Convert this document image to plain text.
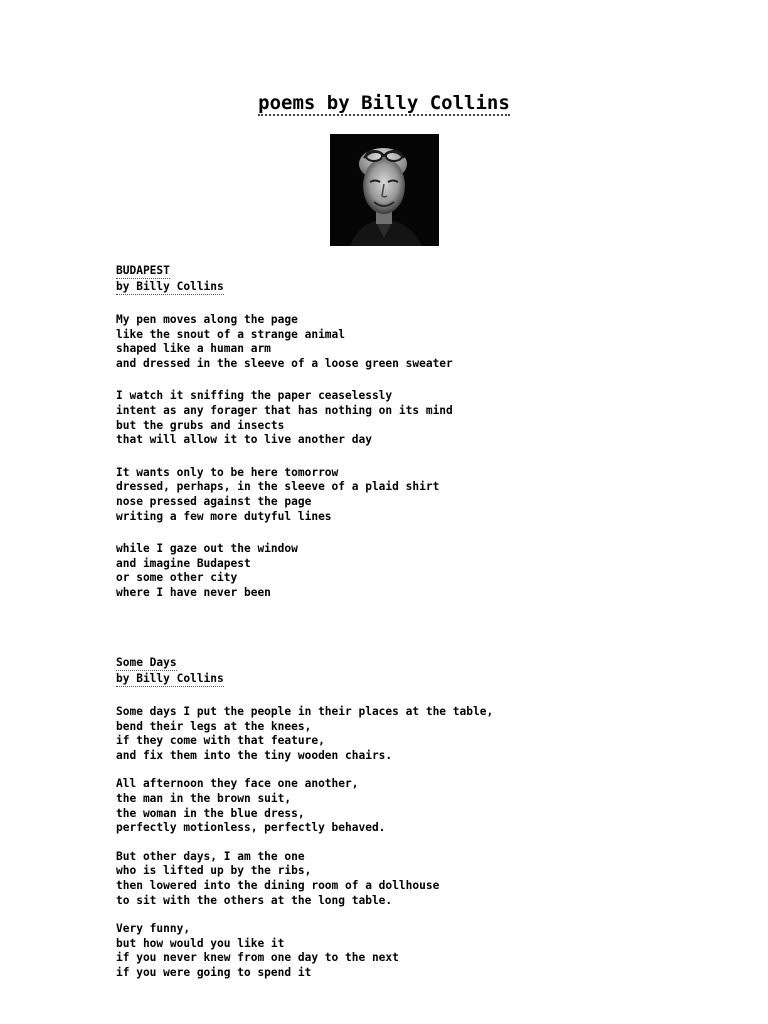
poems by Billy Collins
BUDAPEST
by Billy Collins
My pen moves along the page
like the snout of a strange animal
shaped like a human arm
and dressed in the sleeve of a loose green sweater
I watch it sniffing the paper ceaselessly
intent as any forager that has nothing on its mind
but the grubs and insects
that will allow it to live another day
It wants only to be here tomorrow
dressed, perhaps, in the sleeve of a plaid shirt
nose pressed against the page
writing a few more dutyful lines
while I gaze out the window
and imagine Budapest
or some other city
where I have never been
Some Days
by Billy Collins
Some days I put the people in their places at the table,
bend their legs at the knees,
if they come with that feature,
and fix them into the tiny wooden chairs.
All afternoon they face one another,
the man in the brown suit,
the woman in the blue dress,
perfectly motionless, perfectly behaved.
But other days, I am the one
who is lifted up by the ribs,
then lowered into the dining room of a dollhouse
to sit with the others at the long table.
Very funny,
but how would you like it
if you never knew from one day to the next
if you were going to spend it
